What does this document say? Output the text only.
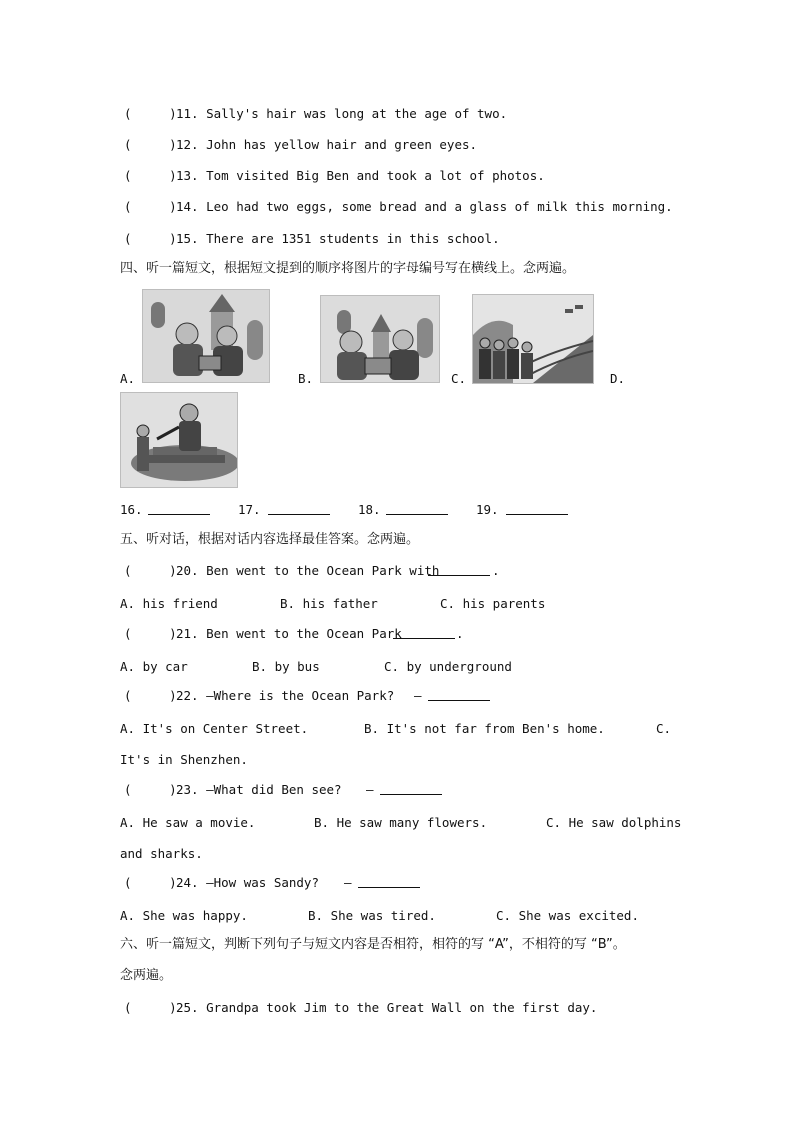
(     ) 11. Sally's hair was long at the age of two.
(     ) 12. John has yellow hair and green eyes.
(     ) 13. Tom visited Big Ben and took a lot of photos.
(     ) 14. Leo had two eggs, some bread and a glass of milk this morning.
(     ) 15. There are 1351 students in this school.
四、听一篇短文，根据短文提到的顺序将图片的字母编号写在横线上。念两遍。
A.	B.	C.	D.
16.	17.	18.	19.
五、听对话，根据对话内容选择最佳答案。念两遍。
(     ) 20. Ben went to the Ocean Park with	.
A. his friend	B. his father	C. his parents
(     ) 21. Ben went to the Ocean Park	.
A. by car	B. by bus	C. by underground
(     ) 22. —Where is the Ocean Park? —
A. It's on Center Street.	B. It's not far from Ben's home.	C.
It's in Shenzhen.
(     ) 23. —What did Ben see? —
A. He saw a movie.	B. He saw many flowers.	C. He saw dolphins
and sharks.
(     ) 24. —How was Sandy? —
A. She was happy.	B. She was tired.	C. She was excited.
六、听一篇短文，判断下列句子与短文内容是否相符，相符的写 “A”，不相符的写 “B”。
念两遍。
(     ) 25. Grandpa took Jim to the Great Wall on the first day.
